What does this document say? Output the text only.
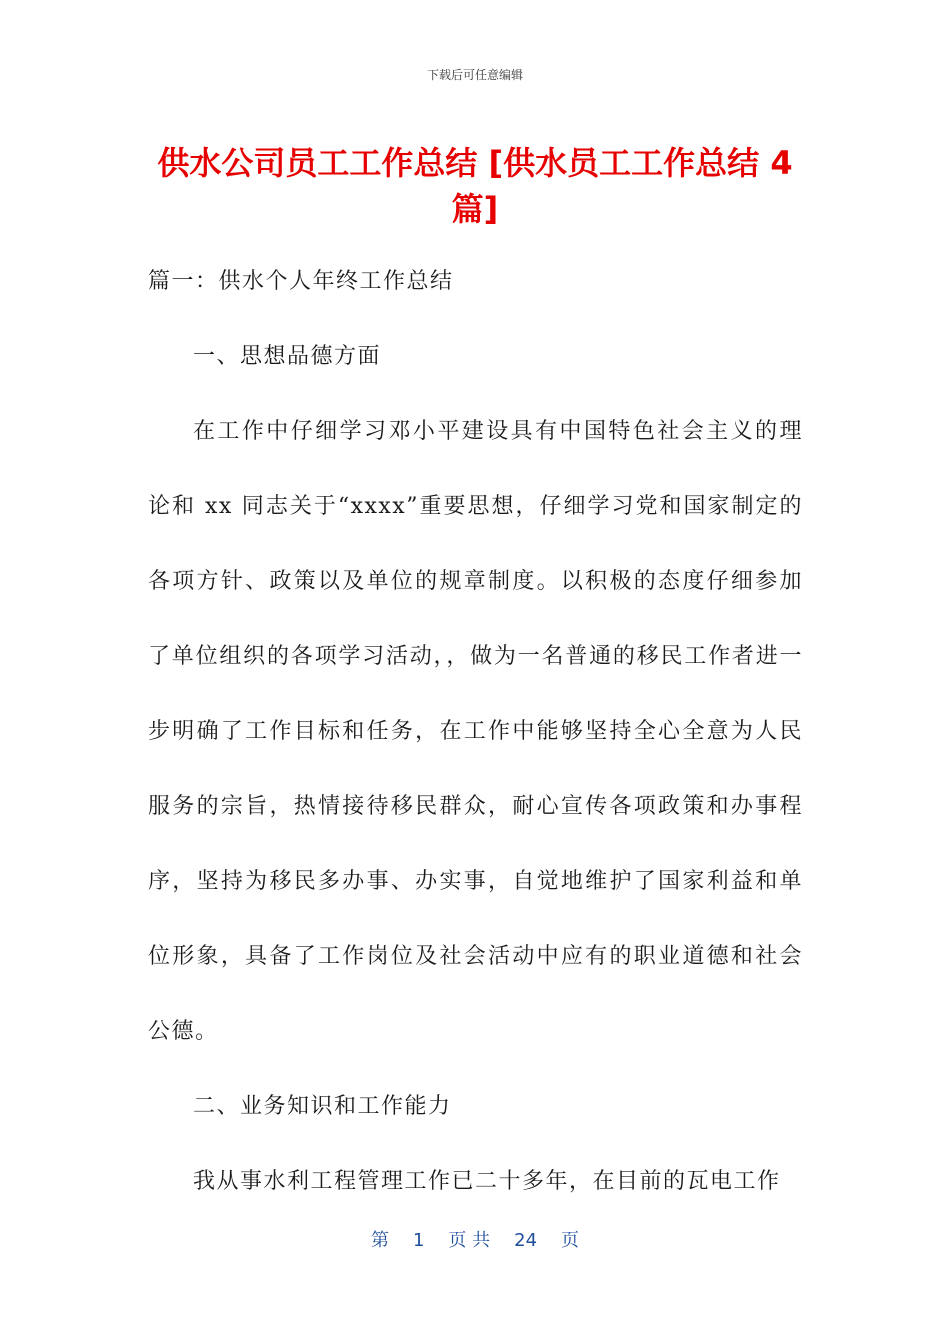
下载后可任意编辑
供水公司员工工作总结 [供水员工工作总结 4 篇]

篇一：供水个人年终工作总结

一、思想品德方面

在工作中仔细学习邓小平建设具有中国特色社会主义的理论和 xx 同志关于“xxxx”重要思想，仔细学习党和国家制定的各项方针、政策以及单位的规章制度。以积极的态度仔细参加了单位组织的各项学习活动，，做为一名普通的移民工作者进一步明确了工作目标和任务，在工作中能够坚持全心全意为人民服务的宗旨，热情接待移民群众，耐心宣传各项政策和办事程序，坚持为移民多办事、办实事，自觉地维护了国家利益和单位形象，具备了工作岗位及社会活动中应有的职业道德和社会公德。

二、业务知识和工作能力

我从事水利工程管理工作已二十多年，在目前的瓦电工作

第 1 页 共 24 页
